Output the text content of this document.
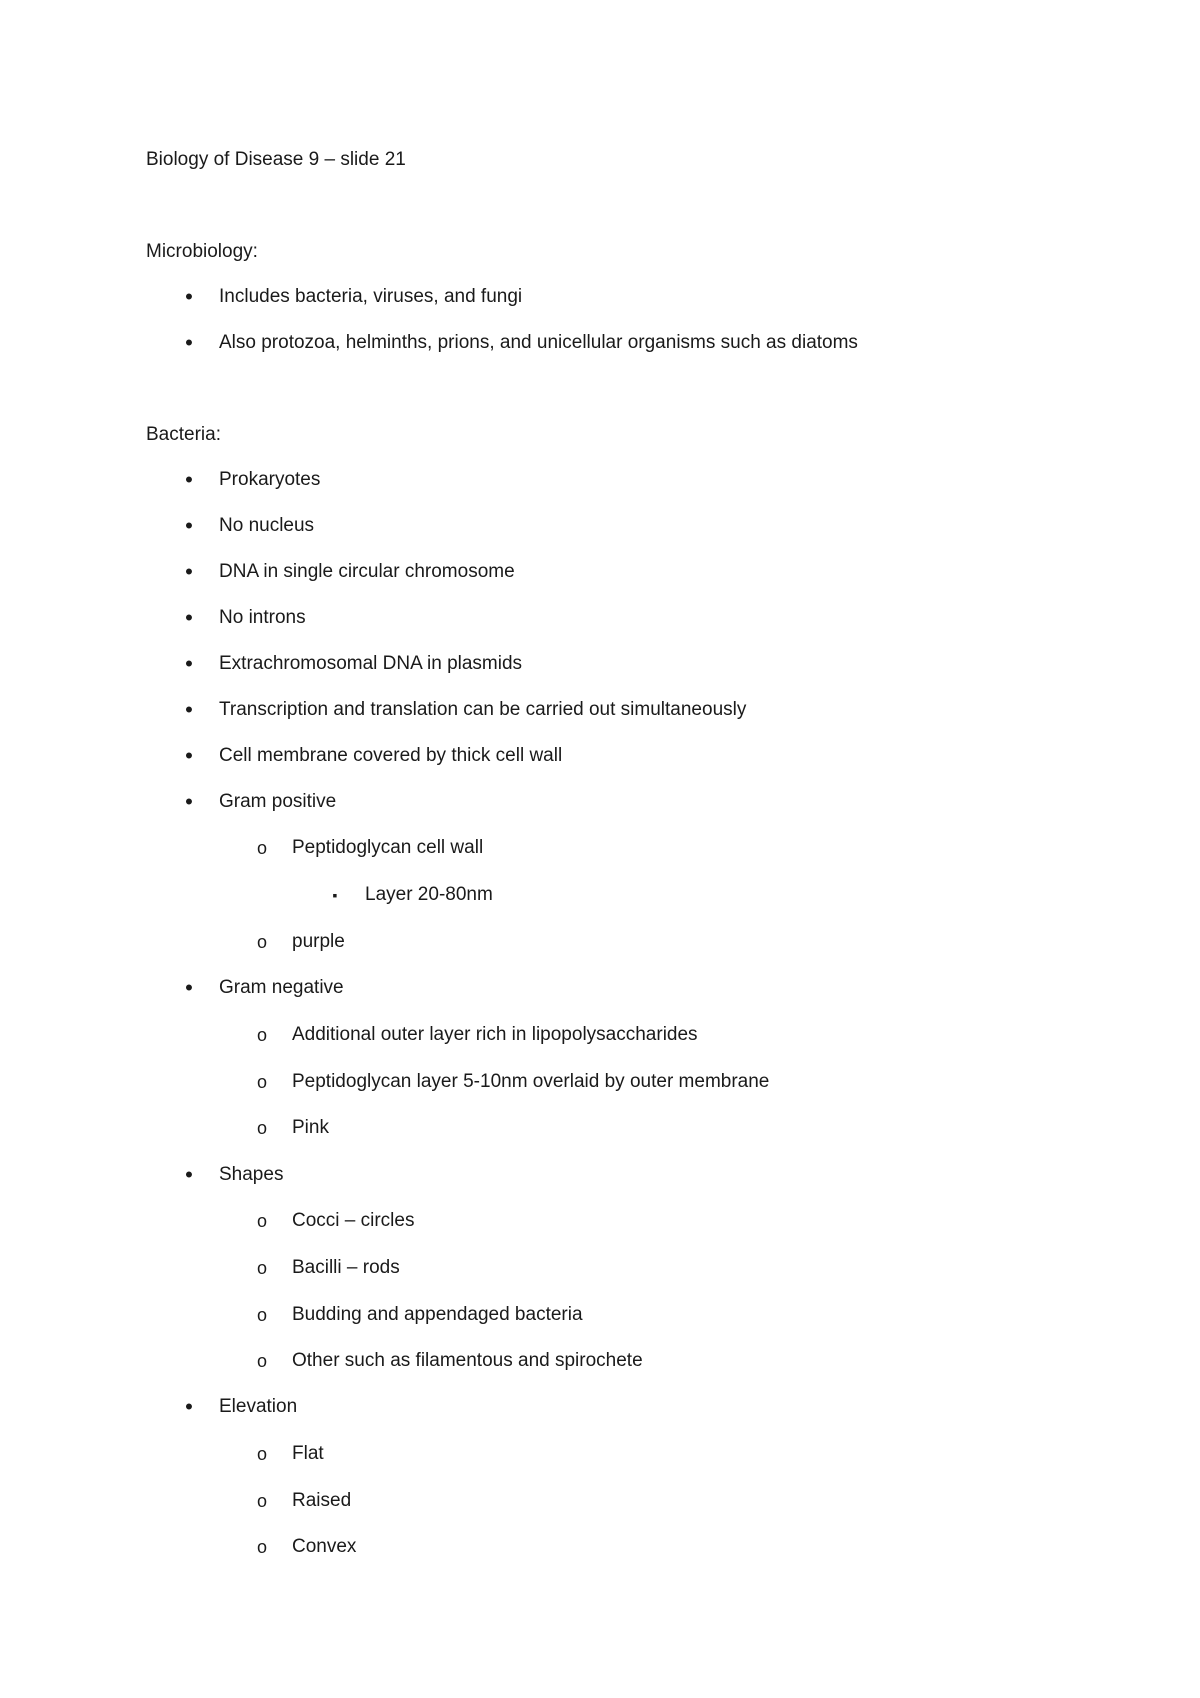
Biology of Disease 9 – slide 21
Microbiology:
•	Includes bacteria, viruses, and fungi
•	Also protozoa, helminths, prions, and unicellular organisms such as diatoms
Bacteria:
•	Prokaryotes
•	No nucleus
•	DNA in single circular chromosome
•	No introns
•	Extrachromosomal DNA in plasmids
•	Transcription and translation can be carried out simultaneously
•	Cell membrane covered by thick cell wall
•	Gram positive
o Peptidoglycan cell wall
▪	Layer 20-80nm
o purple
•	Gram negative
o Additional outer layer rich in lipopolysaccharides
o Peptidoglycan layer 5-10nm overlaid by outer membrane
o Pink
•	Shapes
o Cocci – circles
o Bacilli – rods
o Budding and appendaged bacteria
o Other such as filamentous and spirochete
•	Elevation
o Flat
o Raised
o Convex
